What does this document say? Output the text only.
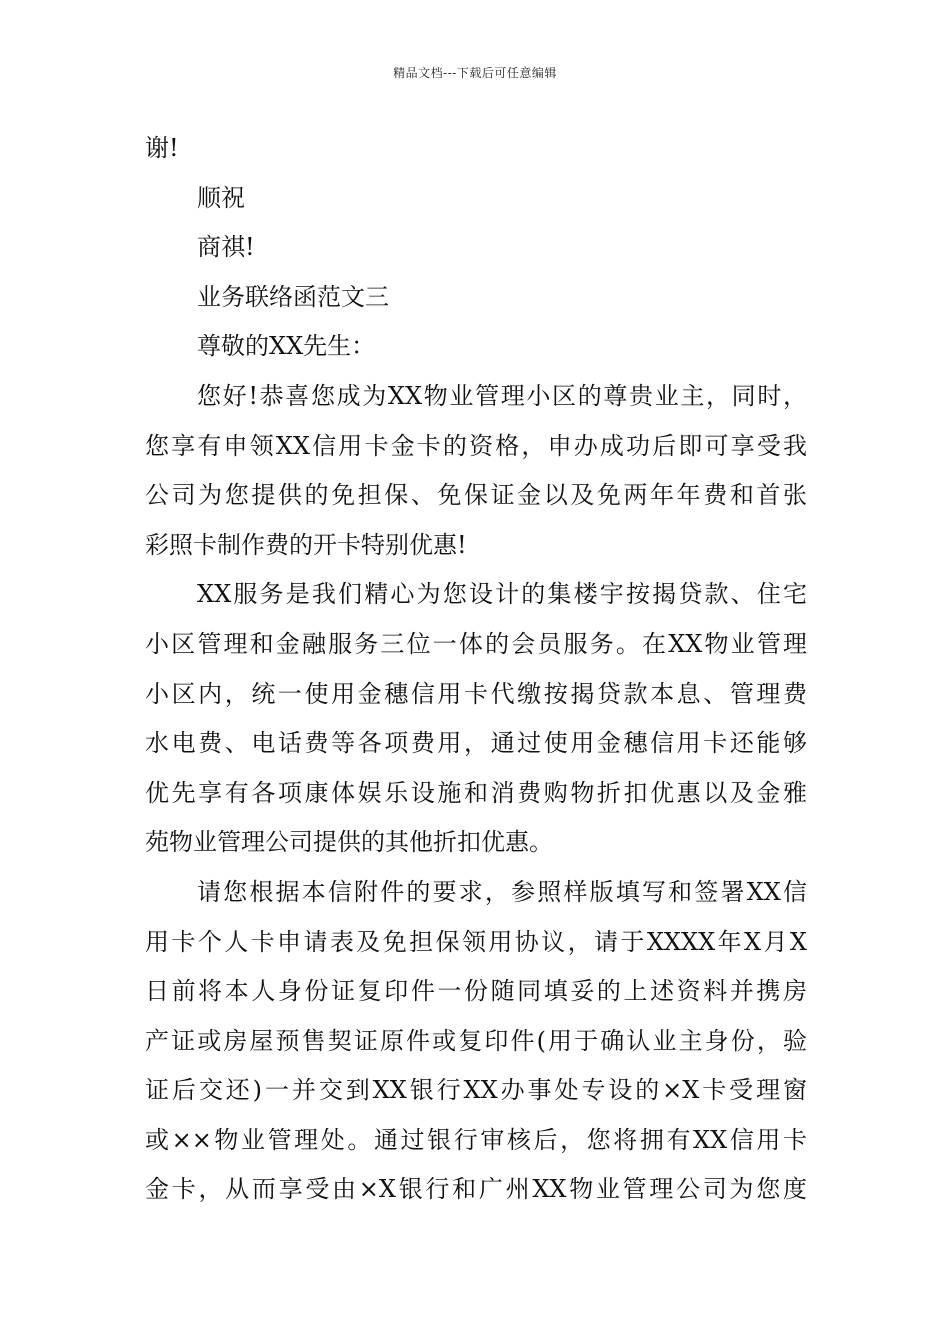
精品文档---下载后可任意编辑
谢!
顺祝
商祺!
业务联络函范文三
尊敬的XX先生：
您好!恭喜您成为XX物业管理小区的尊贵业主，同时，
您享有申领XX信用卡金卡的资格，申办成功后即可享受我
公司为您提供的免担保、免保证金以及免两年年费和首张
彩照卡制作费的开卡特别优惠!
XX服务是我们精心为您设计的集楼宇按揭贷款、住宅
小区管理和金融服务三位一体的会员服务。在XX物业管理
小区内，统一使用金穗信用卡代缴按揭贷款本息、管理费
水电费、电话费等各项费用，通过使用金穗信用卡还能够
优先享有各项康体娱乐设施和消费购物折扣优惠以及金雅
苑物业管理公司提供的其他折扣优惠。
请您根据本信附件的要求，参照样版填写和签署XX信
用卡个人卡申请表及免担保领用协议，请于XXXX年X月X
日前将本人身份证复印件一份随同填妥的上述资料并携房
产证或房屋预售契证原件或复印件(用于确认业主身份，验
证后交还)一并交到XX银行XX办事处专设的×X卡受理窗
或××物业管理处。通过银行审核后，您将拥有XX信用卡
金卡，从而享受由×X银行和广州XX物业管理公司为您度
